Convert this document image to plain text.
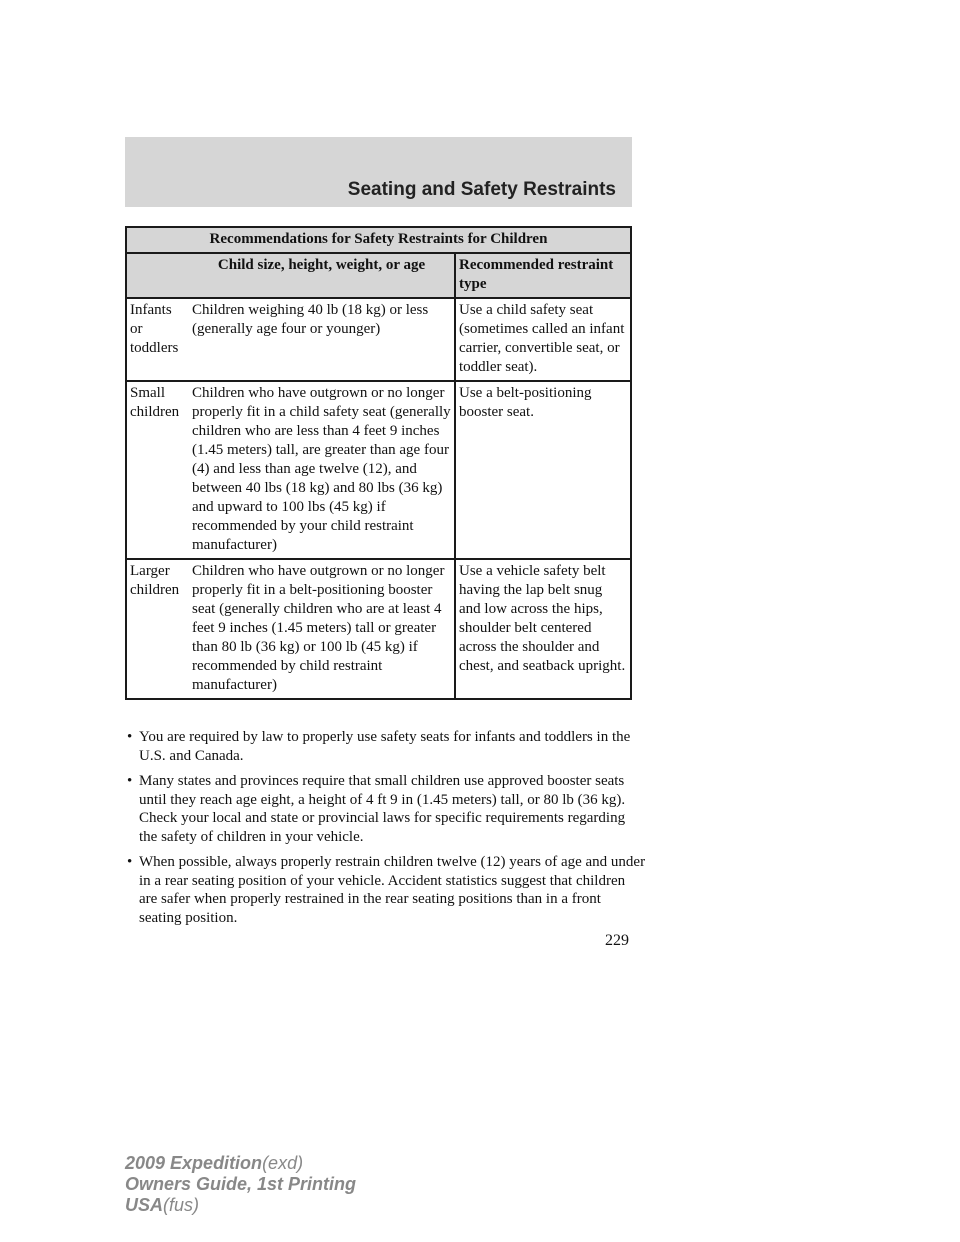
Seating and Safety Restraints
Recommendations for Safety Restraints for Children		
	Child size, height, weight, or age	Recommended restraint type
Infants or toddlers	Children weighing 40 lb (18 kg) or less (generally age four or younger)	Use a child safety seat (sometimes called an infant carrier, convertible seat, or toddler seat).
Small children	Children who have outgrown or no longer properly fit in a child safety seat (generally children who are less than 4 feet 9 inches (1.45 meters) tall, are greater than age four (4) and less than age twelve (12), and between 40 lbs (18 kg) and 80 lbs (36 kg) and upward to 100 lbs (45 kg) if recommended by your child restraint manufacturer)	Use a belt-positioning booster seat.
Larger children	Children who have outgrown or no longer properly fit in a belt-positioning booster seat (generally children who are at least 4 feet 9 inches (1.45 meters) tall or greater than 80 lb (36 kg) or 100 lb (45 kg) if recommended by child restraint manufacturer)	Use a vehicle safety belt having the lap belt snug and low across the hips, shoulder belt centered across the shoulder and chest, and seatback upright.
• You are required by law to properly use safety seats for infants and toddlers in the U.S. and Canada.
• Many states and provinces require that small children use approved booster seats until they reach age eight, a height of 4 ft 9 in (1.45 meters) tall, or 80 lb (36 kg). Check your local and state or provincial laws for specific requirements regarding the safety of children in your vehicle.
• When possible, always properly restrain children twelve (12) years of age and under in a rear seating position of your vehicle. Accident statistics suggest that children are safer when properly restrained in the rear seating positions than in a front seating position.
229
2009 Expedition(exd)
Owners Guide, 1st Printing
USA(fus)
